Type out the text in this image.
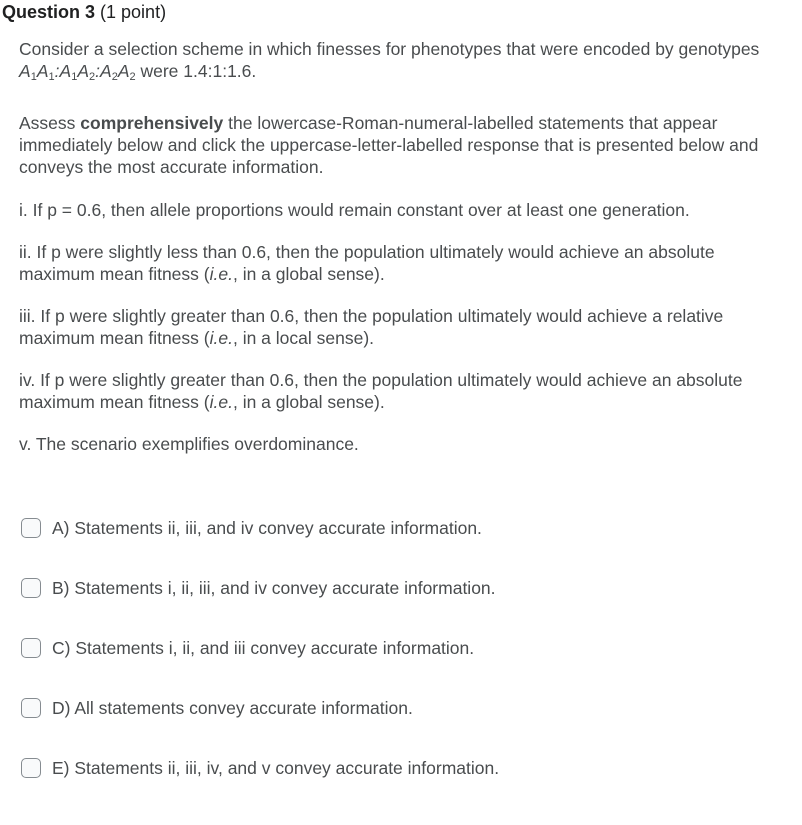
Question 3 (1 point)

Consider a selection scheme in which finesses for phenotypes that were encoded by genotypes $A_1A_1:A_1A_2:A_2A_2$ were 1.4:1:1.6.

Assess comprehensively the lowercase-Roman-numeral-labelled statements that appear immediately below and click the uppercase-letter-labelled response that is presented below and conveys the most accurate information.

i. If p = 0.6, then allele proportions would remain constant over at least one generation.

ii. If p were slightly less than 0.6, then the population ultimately would achieve an absolute maximum mean fitness (i.e., in a global sense).

iii. If p were slightly greater than 0.6, then the population ultimately would achieve a relative maximum mean fitness (i.e., in a local sense).

iv. If p were slightly greater than 0.6, then the population ultimately would achieve an absolute maximum mean fitness (i.e., in a global sense).

v. The scenario exemplifies overdominance.

A) Statements ii, iii, and iv convey accurate information.
B) Statements i, ii, iii, and iv convey accurate information.
C) Statements i, ii, and iii convey accurate information.
D) All statements convey accurate information.
E) Statements ii, iii, iv, and v convey accurate information.
